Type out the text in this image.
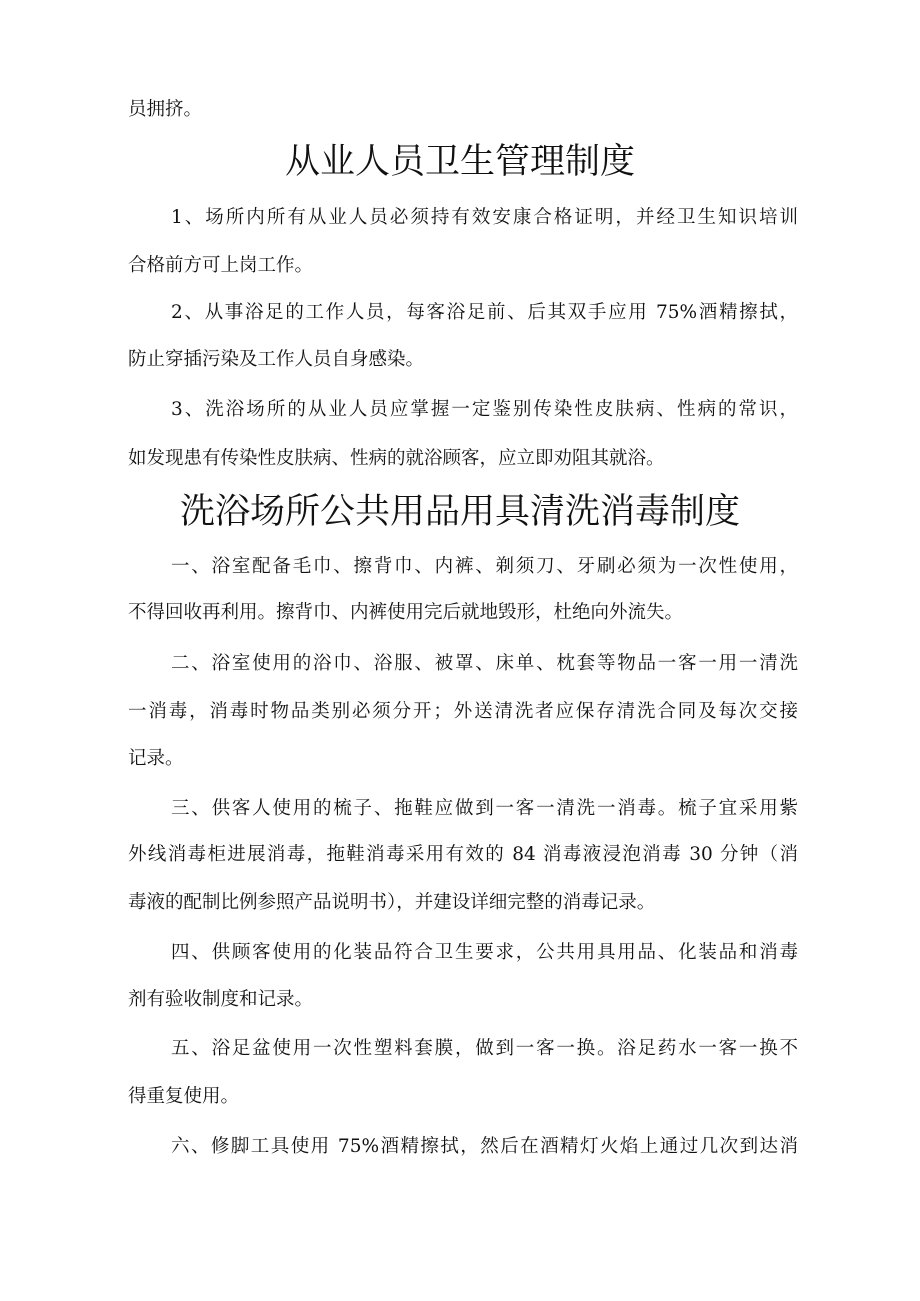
员拥挤。
从业人员卫生管理制度
1、场所内所有从业人员必须持有效安康合格证明，并经卫生知识培训
合格前方可上岗工作。
2、从事浴足的工作人员，每客浴足前、后其双手应用 75%酒精擦拭，
防止穿插污染及工作人员自身感染。
3、洗浴场所的从业人员应掌握一定鉴别传染性皮肤病、性病的常识，
如发现患有传染性皮肤病、性病的就浴顾客，应立即劝阻其就浴。
洗浴场所公共用品用具清洗消毒制度
一、浴室配备毛巾、擦背巾、内裤、剃须刀、牙刷必须为一次性使用，
不得回收再利用。擦背巾、内裤使用完后就地毁形，杜绝向外流失。
二、浴室使用的浴巾、浴服、被罩、床单、枕套等物品一客一用一清洗
一消毒，消毒时物品类别必须分开；外送清洗者应保存清洗合同及每次交接
记录。
三、供客人使用的梳子、拖鞋应做到一客一清洗一消毒。梳子宜采用紫
外线消毒柜进展消毒，拖鞋消毒采用有效的 84 消毒液浸泡消毒 30 分钟（消
毒液的配制比例参照产品说明书），并建设详细完整的消毒记录。
四、供顾客使用的化装品符合卫生要求，公共用具用品、化装品和消毒
剂有验收制度和记录。
五、浴足盆使用一次性塑料套膜，做到一客一换。浴足药水一客一换不
得重复使用。
六、修脚工具使用 75%酒精擦拭，然后在酒精灯火焰上通过几次到达消
